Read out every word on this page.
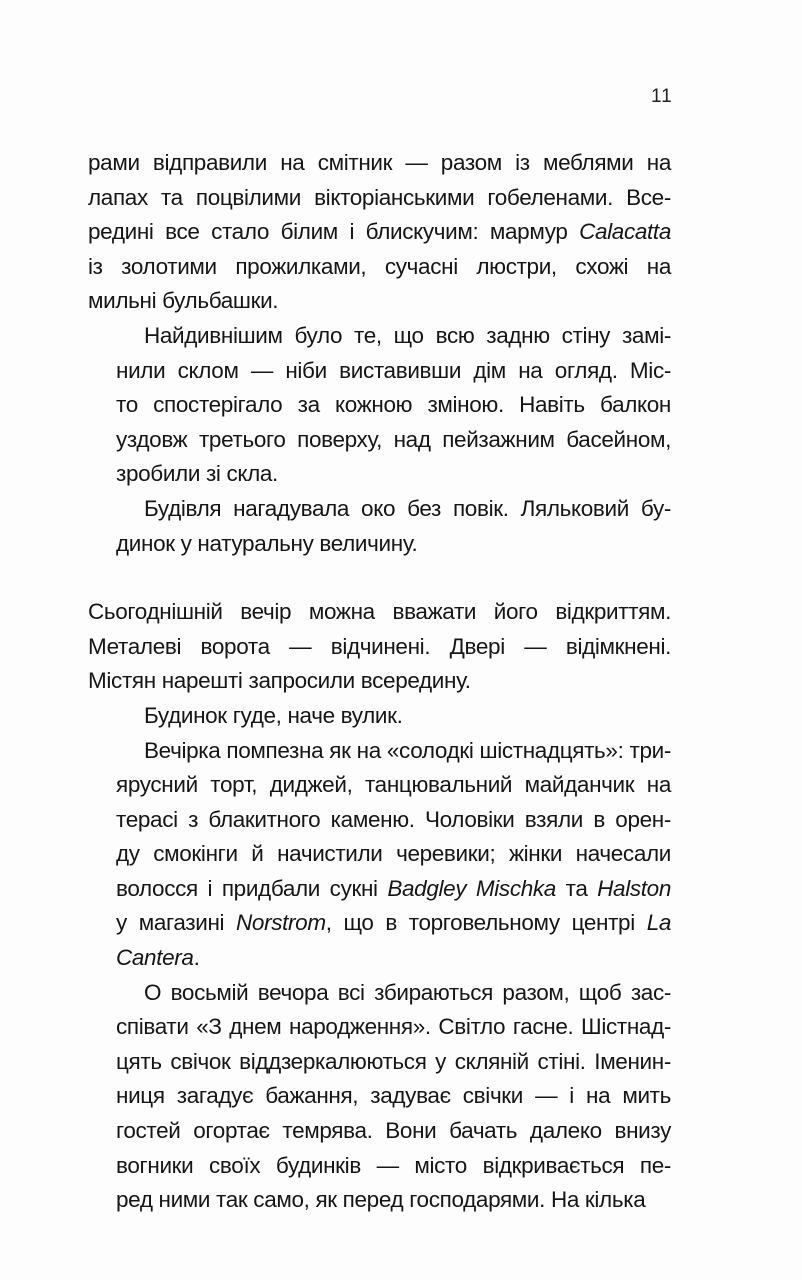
11

рами відправили на смітник — разом із меблями на
лапах та поцвілими вікторіанськими гобеленами. Все-
редині все стало білим і блискучим: мармур Calacatta
із золотими прожилками, сучасні люстри, схожі на
мильні бульбашки.

Найдивнішим було те, що всю задню стіну замі-
нили склом — ніби виставивши дім на огляд. Міс-
то спостерігало за кожною зміною. Навіть балкон
уздовж третього поверху, над пейзажним басейном,
зробили зі скла.

Будівля нагадувала око без повік. Ляльковий бу-
динок у натуральну величину.

Сьогоднішній вечір можна вважати його відкриттям.
Металеві ворота — відчинені. Двері — відімкнені.
Містян нарешті запросили всередину.

Будинок гуде, наче вулик.

Вечірка помпезна як на «солодкі шістнадцять»: три-
ярусний торт, диджей, танцювальний майданчик на
терасі з блакитного каменю. Чоловіки взяли в орен-
ду смокінги й начистили черевики; жінки начесали
волосся і придбали сукні Badgley Mischka та Halston
у магазині Norstrom, що в торговельному центрі La
Cantera.

О восьмій вечора всі збираються разом, щоб зас-
співати «З днем народження». Світло гасне. Шістнад-
цять свічок віддзеркалюються у скляній стіні. Іменин-
ниця загадує бажання, задуває свічки — і на мить
гостей огортає темрява. Вони бачать далеко внизу
вогники своїх будинків — місто відкривається пе-
ред ними так само, як перед господарями. На кілька
